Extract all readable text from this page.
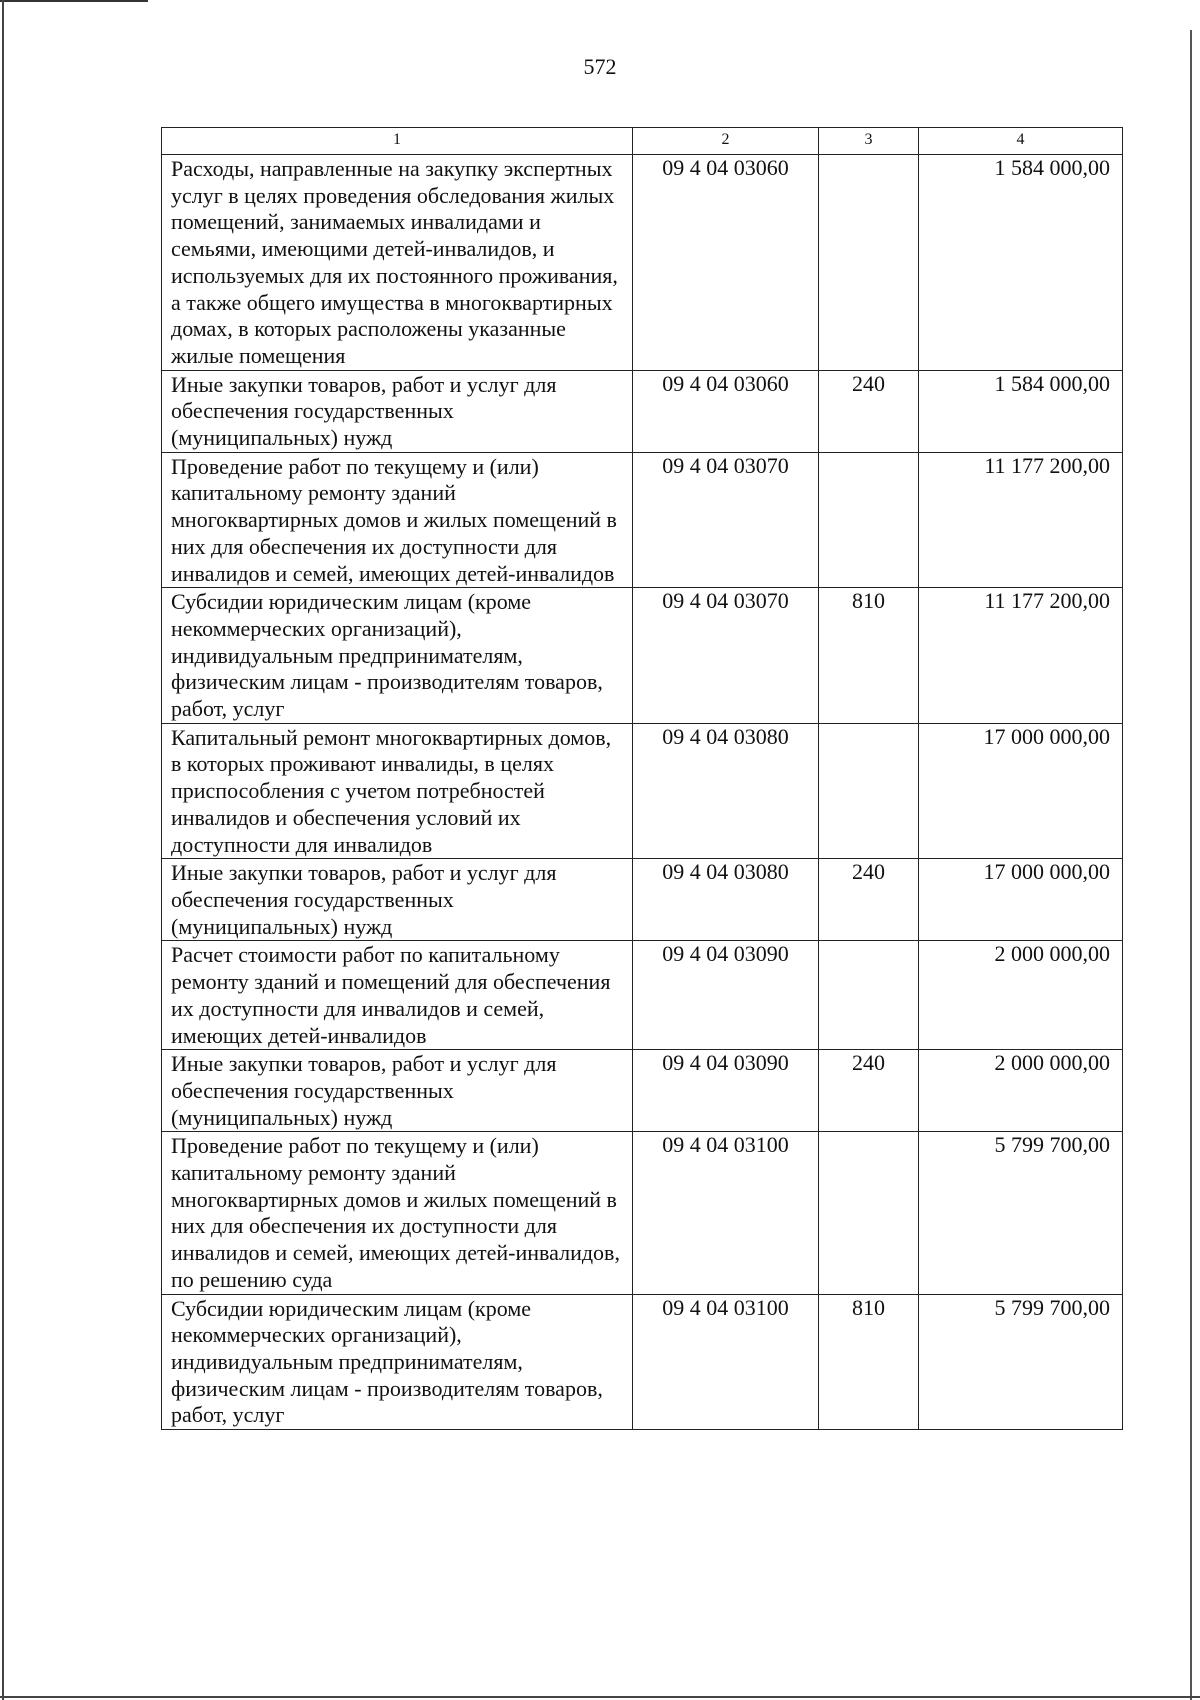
572
1	2	3	4
Расходы, направленные на закупку экспертных услуг в целях проведения обследования жилых помещений, занимаемых инвалидами и семьями, имеющими детей-инвалидов, и используемых для их постоянного проживания, а также общего имущества в многоквартирных домах, в которых расположены указанные жилые помещения	09 4 04 03060		1 584 000,00
Иные закупки товаров, работ и услуг для обеспечения государственных (муниципальных) нужд	09 4 04 03060	240	1 584 000,00
Проведение работ по текущему и (или) капитальному ремонту зданий многоквартирных домов и жилых помещений в них для обеспечения их доступности для инвалидов и семей, имеющих детей-инвалидов	09 4 04 03070		11 177 200,00
Субсидии юридическим лицам (кроме некоммерческих организаций), индивидуальным предпринимателям, физическим лицам - производителям товаров, работ, услуг	09 4 04 03070	810	11 177 200,00
Капитальный ремонт многоквартирных домов, в которых проживают инвалиды, в целях приспособления с учетом потребностей инвалидов и обеспечения условий их доступности для инвалидов	09 4 04 03080		17 000 000,00
Иные закупки товаров, работ и услуг для обеспечения государственных (муниципальных) нужд	09 4 04 03080	240	17 000 000,00
Расчет стоимости работ по капитальному ремонту зданий и помещений для обеспечения их доступности для инвалидов и семей, имеющих детей-инвалидов	09 4 04 03090		2 000 000,00
Иные закупки товаров, работ и услуг для обеспечения государственных (муниципальных) нужд	09 4 04 03090	240	2 000 000,00
Проведение работ по текущему и (или) капитальному ремонту зданий многоквартирных домов и жилых помещений в них для обеспечения их доступности для инвалидов и семей, имеющих детей-инвалидов, по решению суда	09 4 04 03100		5 799 700,00
Субсидии юридическим лицам (кроме некоммерческих организаций), индивидуальным предпринимателям, физическим лицам - производителям товаров, работ, услуг	09 4 04 03100	810	5 799 700,00
